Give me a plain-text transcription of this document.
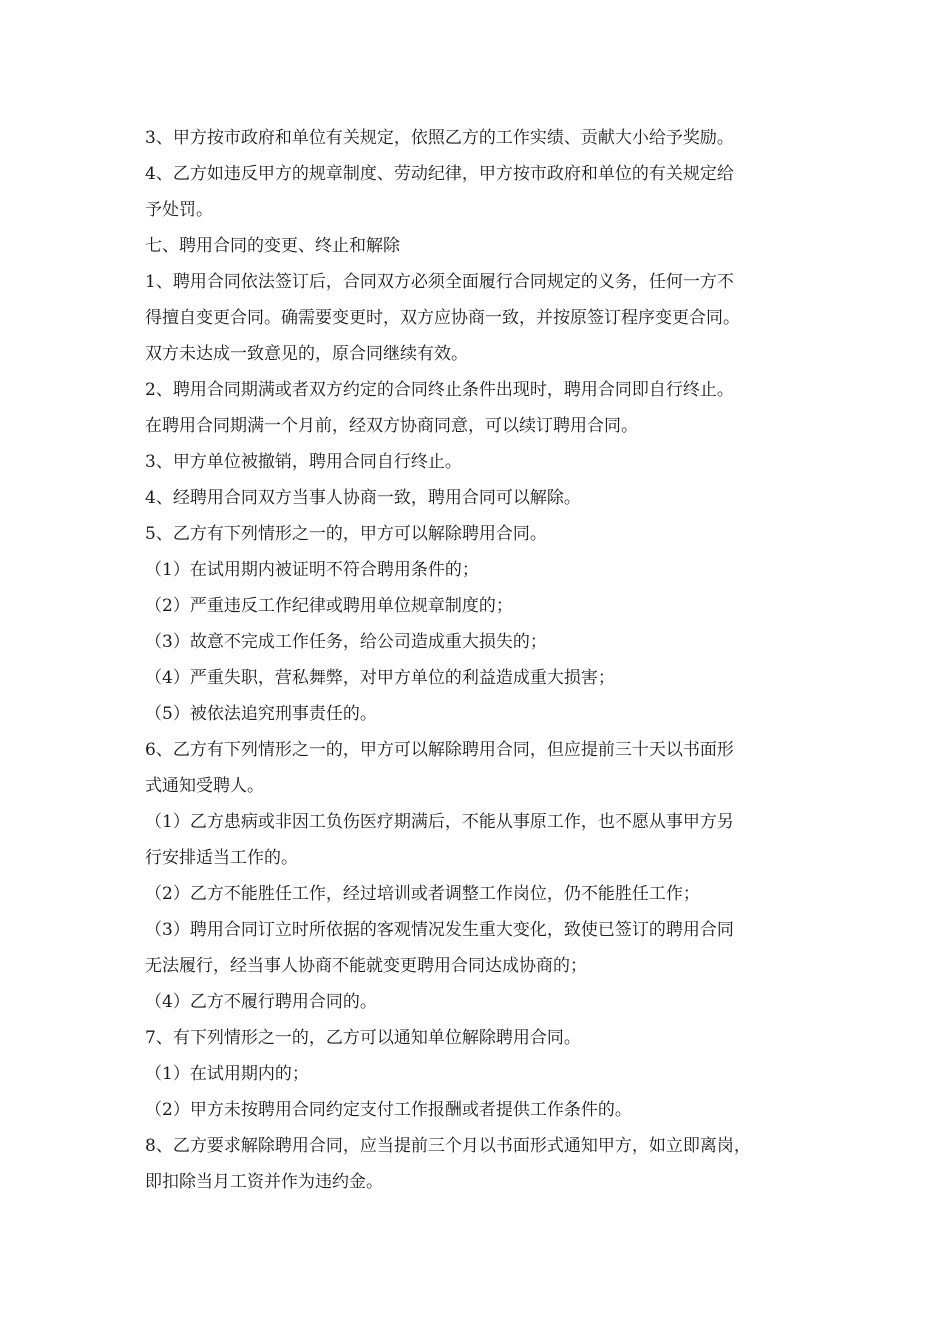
3、甲方按市政府和单位有关规定，依照乙方的工作实绩、贡献大小给予奖励。
4、乙方如违反甲方的规章制度、劳动纪律，甲方按市政府和单位的有关规定给
予处罚。
七、聘用合同的变更、终止和解除
1、聘用合同依法签订后，合同双方必须全面履行合同规定的义务，任何一方不
得擅自变更合同。确需要变更时，双方应协商一致，并按原签订程序变更合同。
双方未达成一致意见的，原合同继续有效。
2、聘用合同期满或者双方约定的合同终止条件出现时，聘用合同即自行终止。
在聘用合同期满一个月前，经双方协商同意，可以续订聘用合同。
3、甲方单位被撤销，聘用合同自行终止。
4、经聘用合同双方当事人协商一致，聘用合同可以解除。
5、乙方有下列情形之一的，甲方可以解除聘用合同。
（1）在试用期内被证明不符合聘用条件的；
（2）严重违反工作纪律或聘用单位规章制度的；
（3）故意不完成工作任务，给公司造成重大损失的；
（4）严重失职，营私舞弊，对甲方单位的利益造成重大损害；
（5）被依法追究刑事责任的。
6、乙方有下列情形之一的，甲方可以解除聘用合同，但应提前三十天以书面形
式通知受聘人。
（1）乙方患病或非因工负伤医疗期满后，不能从事原工作，也不愿从事甲方另
行安排适当工作的。
（2）乙方不能胜任工作，经过培训或者调整工作岗位，仍不能胜任工作；
（3）聘用合同订立时所依据的客观情况发生重大变化，致使已签订的聘用合同
无法履行，经当事人协商不能就变更聘用合同达成协商的；
（4）乙方不履行聘用合同的。
7、有下列情形之一的，乙方可以通知单位解除聘用合同。
（1）在试用期内的；
（2）甲方未按聘用合同约定支付工作报酬或者提供工作条件的。
8、乙方要求解除聘用合同，应当提前三个月以书面形式通知甲方，如立即离岗，
即扣除当月工资并作为违约金。
